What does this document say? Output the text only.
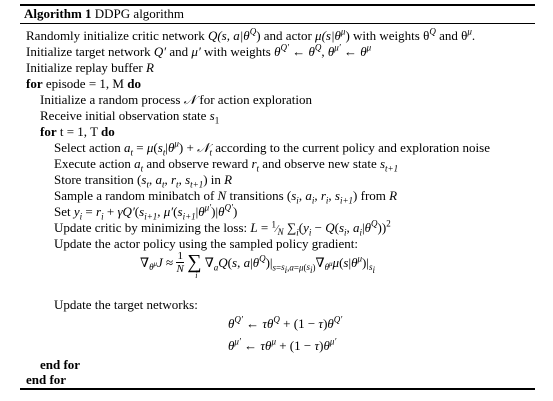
Algorithm 1 DDPG algorithm
Randomly initialize critic network Q(s, $a|\theta^Q$) and actor $\mu(s|\theta^\mu)$ with weights $\theta^Q$ and $\theta^\mu$.
Initialize target network Q′ and μ′ with weights $\theta^{Q'}$ ← $\theta^Q$, $\theta^{\mu'}$ ← $\theta^\mu$
Initialize replay buffer R
for episode = 1, M do
Initialize a random process 𝒩 for action exploration
Receive initial observation state $s_1$
for t = 1, T do
Select action $a_t = \mu(s_t|\theta^\mu)$ + 𝒩$_t$ according to the current policy and exploration noise
Execute action $a_t$ and observe reward $r_t$ and observe new state $s_{t+1}$
Store transition ($s_t$, $a_t$, $r_t$, $s_{t+1}$) in R
Sample a random minibatch of N transitions ($s_i$, $a_i$, $r_i$, $s_{i+1}$) from R
Set $y_i = r_i + \gamma Q'(s_{i+1}$, $\mu'(s_{i+1}|\theta^{\mu'})|\theta^{Q'}$)
Update critic by minimizing the loss: $L = ^1⁄_N$ $\sum_i(y_i - Q(s_i$, $a_i|\theta^Q))^2$
Update the actor policy using the sampled policy gradient:
$\nabla_{\theta^\mu}J \approx \frac{1}{N}$ ∑
i
$\nabla_aQ(s$, $a|\theta^Q)|_{s=s_i,a=\mu(s_i)}\nabla_{\theta^\mu}\mu(s|\theta^\mu)|_{s_i}$
Update the target networks:
$\theta^{Q'}$ ← $\tau\theta^Q + (1 - \tau)\theta^{Q'}$
$\theta^{\mu'}$ ← $\tau\theta^\mu + (1 - \tau)\theta^{\mu'}$
end for
end for
